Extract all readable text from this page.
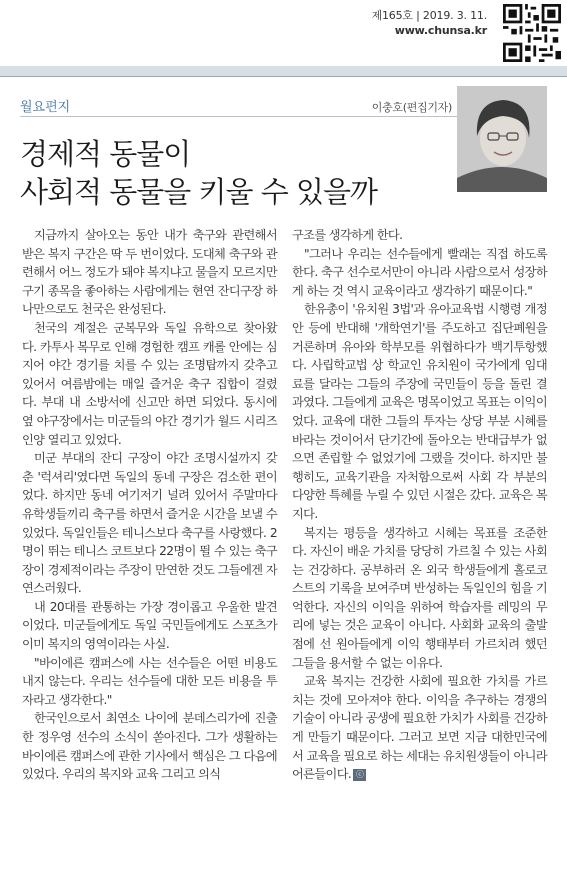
제165호 | 2019. 3. 11.
www.chunsa.kr
월요편지	이충호(편집기자)
경제적 동물이
사회적 동물을 키울 수 있을까

지금까지 살아오는 동안 내가 축구와 관련해서 받은 복지 구간은 딱 두 번이었다. 도대체 축구와 관련해서 어느 정도가 돼야 복지냐고 물을지 모르지만 구기 종목을 좋아하는 사람에게는 현연 잔디구장 하나만으로도 천국은 완성된다.

천국의 계절은 군복무와 독일 유학으로 찾아왔다. 카투사 복무로 인해 경험한 캠프 캐롤 안에는 심지어 야간 경기를 치를 수 있는 조명탑까지 갖추고 있어서 여름밤에는 매일 즐거운 축구 집합이 걸렸다. 부대 내 소방서에 신고만 하면 되었다. 동시에 옆 야구장에서는 미군들의 야간 경기가 월드 시리즈인양 열리고 있었다.

미군 부대의 잔디 구장이 야간 조명시설까지 갖춘 '럭셔리'였다면 독일의 동네 구장은 검소한 편이었다. 하지만 동네 여기저기 널려 있어서 주말마다 유학생들끼리 축구를 하면서 즐거운 시간을 보낼 수 있었다. 독일인들은 테니스보다 축구를 사랑했다. 2명이 뛰는 테니스 코트보다 22명이 뛸 수 있는 축구장이 경제적이라는 주장이 만연한 것도 그들에겐 자연스러웠다.

내 20대를 관통하는 가장 경이롭고 우울한 발견이었다. 미군들에게도 독일 국민들에게도 스포츠가 이미 복지의 영역이라는 사실.

"바이에른 캠퍼스에 사는 선수들은 어떤 비용도 내지 않는다. 우리는 선수들에 대한 모든 비용을 투자라고 생각한다."

한국인으로서 최연소 나이에 분데스리가에 진출한 정우영 선수의 소식이 쏟아진다. 그가 생활하는 바이에른 캠퍼스에 관한 기사에서 핵심은 그 다음에 있었다. 우리의 복지와 교육 그리고 의식

구조를 생각하게 한다.

"그러나 우리는 선수들에게 빨래는 직접 하도록 한다. 축구 선수로서만이 아니라 사람으로서 성장하게 하는 것 역시 교육이라고 생각하기 때문이다."

한유총이 '유치원 3법'과 유아교육법 시행령 개정안 등에 반대해 '개학연기'를 주도하고 집단폐원을 거론하며 유아와 학부모를 위협하다가 백기투항했다. 사립학교법 상 학교인 유치원이 국가에게 임대료를 달라는 그들의 주장에 국민들이 등을 돌린 결과였다. 그들에게 교육은 명목이었고 목표는 이익이었다. 교육에 대한 그들의 투자는 상당 부분 시혜를 바라는 것이어서 단기간에 돌아오는 반대급부가 없으면 존립할 수 없었기에 그랬을 것이다. 하지만 불행히도, 교육기관을 자처함으로써 사회 각 부분의 다양한 특혜를 누릴 수 있던 시절은 갔다. 교육은 복지다.

복지는 평등을 생각하고 시혜는 목표를 조준한다. 자신이 배운 가치를 당당히 가르칠 수 있는 사회는 건강하다. 공부하러 온 외국 학생들에게 홀로코스트의 기록을 보여주며 반성하는 독일인의 힘을 기억한다. 자신의 이익을 위하여 학습자를 레밍의 무리에 넣는 것은 교육이 아니다. 사회화 교육의 출발점에 선 원아들에게 이익 행태부터 가르치려 했던 그들을 용서할 수 없는 이유다.

교육 복지는 건강한 사회에 필요한 가치를 가르치는 것에 모아져야 한다. 이익을 추구하는 경쟁의 기술이 아니라 공생에 필요한 가치가 사회를 건강하게 만들기 때문이다. 그러고 보면 지금 대한민국에서 교육을 필요로 하는 세대는 유치원생들이 아니라 어른들이다. ⓒ
